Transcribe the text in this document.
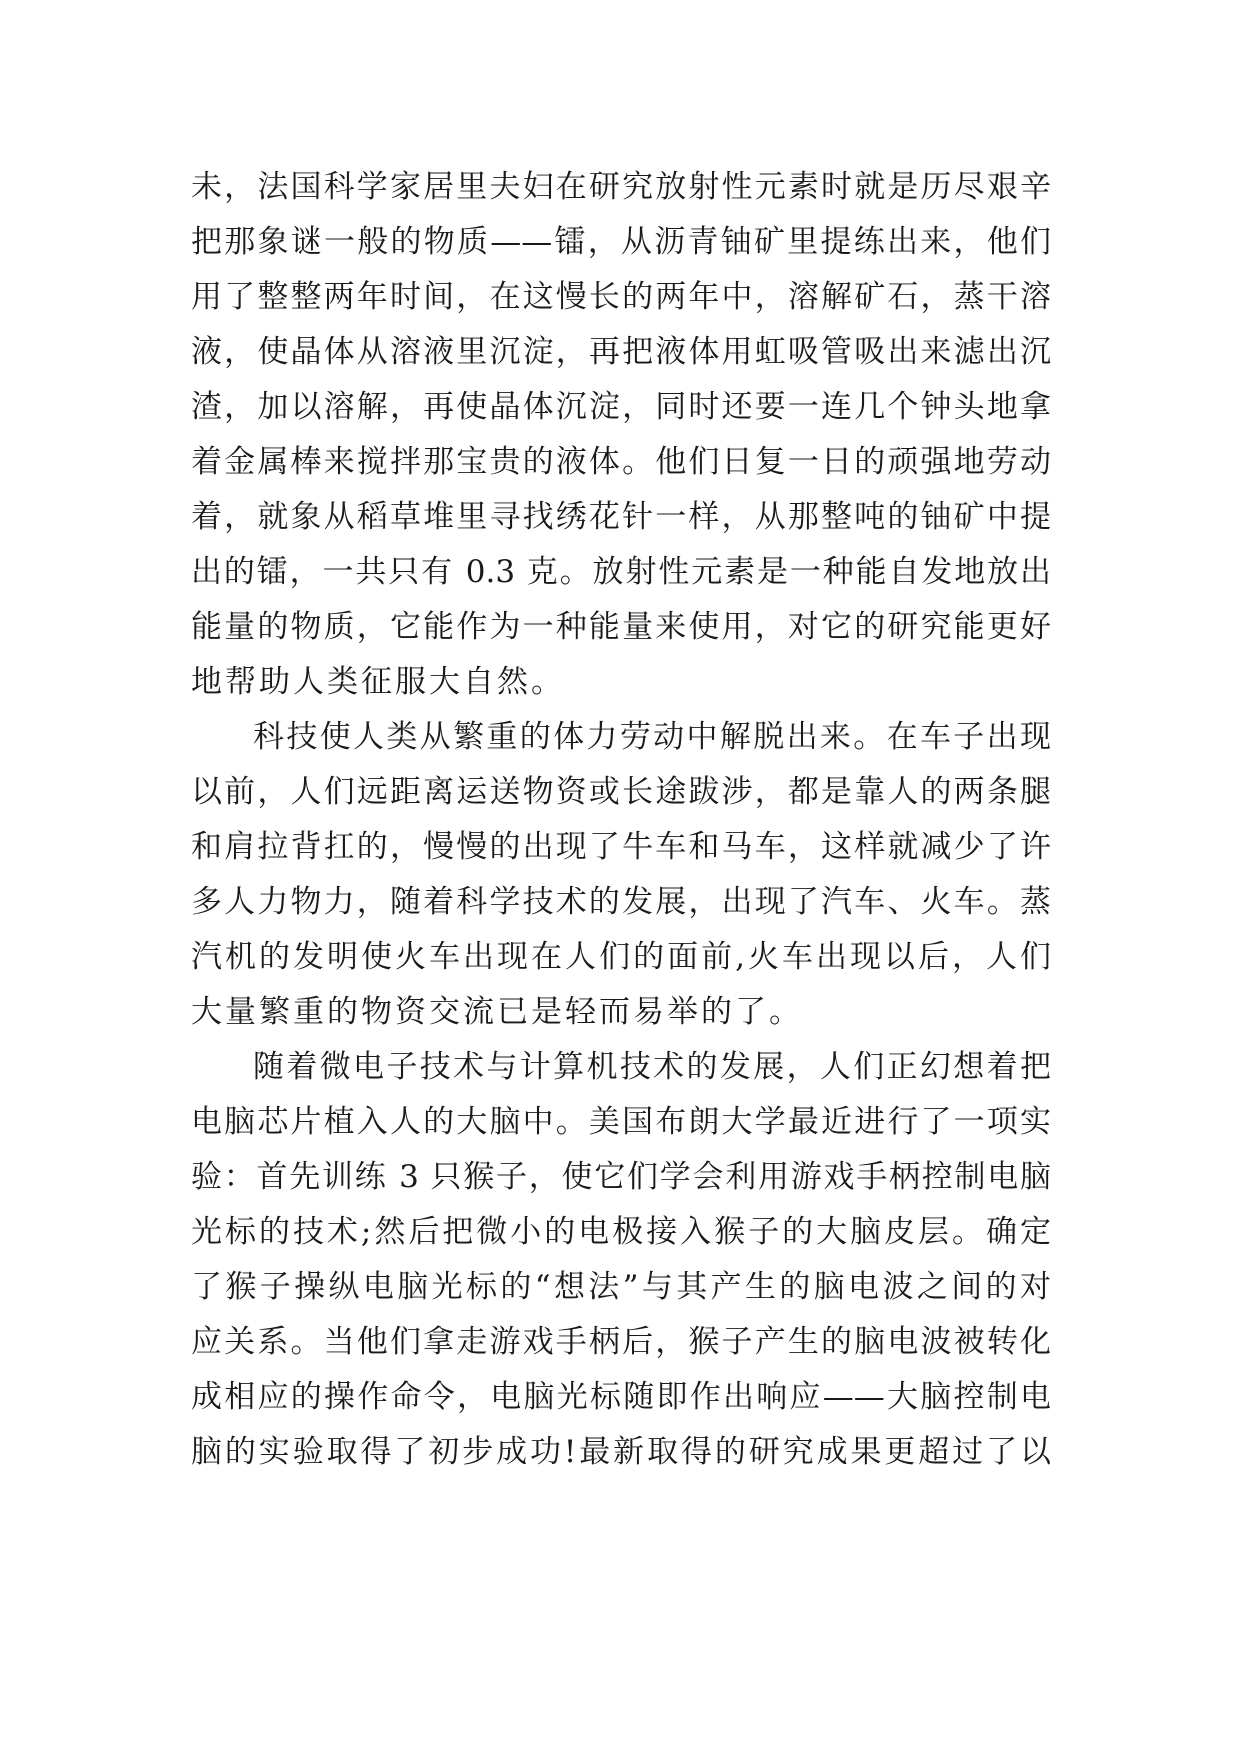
未，法国科学家居里夫妇在研究放射性元素时就是历尽艰辛
把那象谜一般的物质——镭，从沥青铀矿里提练出来，他们
用了整整两年时间，在这慢长的两年中，溶解矿石，蒸干溶
液，使晶体从溶液里沉淀，再把液体用虹吸管吸出来滤出沉
渣，加以溶解，再使晶体沉淀，同时还要一连几个钟头地拿
着金属棒来搅拌那宝贵的液体。他们日复一日的顽强地劳动
着，就象从稻草堆里寻找绣花针一样，从那整吨的铀矿中提
出的镭，一共只有 0.3 克。放射性元素是一种能自发地放出
能量的物质，它能作为一种能量来使用，对它的研究能更好
地帮助人类征服大自然。
科技使人类从繁重的体力劳动中解脱出来。在车子出现
以前，人们远距离运送物资或长途跋涉，都是靠人的两条腿
和肩拉背扛的，慢慢的出现了牛车和马车，这样就减少了许
多人力物力，随着科学技术的发展，出现了汽车、火车。蒸
汽机的发明使火车出现在人们的面前,火车出现以后，人们
大量繁重的物资交流已是轻而易举的了。
随着微电子技术与计算机技术的发展，人们正幻想着把
电脑芯片植入人的大脑中。美国布朗大学最近进行了一项实
验：首先训练 3 只猴子，使它们学会利用游戏手柄控制电脑
光标的技术;然后把微小的电极接入猴子的大脑皮层。确定
了猴子操纵电脑光标的“想法”与其产生的脑电波之间的对
应关系。当他们拿走游戏手柄后，猴子产生的脑电波被转化
成相应的操作命令，电脑光标随即作出响应——大脑控制电
脑的实验取得了初步成功!最新取得的研究成果更超过了以
